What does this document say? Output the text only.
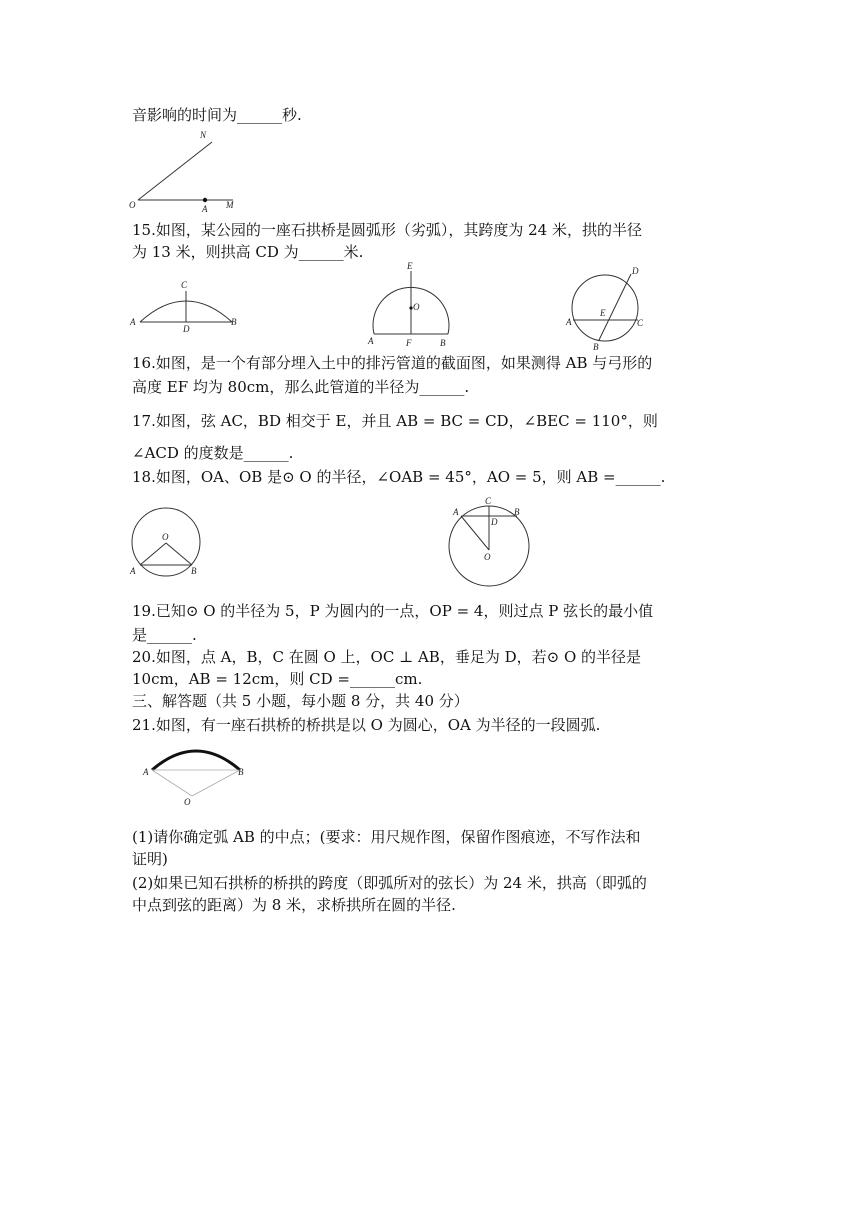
音影响的时间为______秒.
N
O	A M
15.如图，某公园的一座石拱桥是圆弧形（劣弧），其跨度为 24 米，拱的半径
为 13 米，则拱高 CD 为______米.
C
A
D
B
E
O
A	F	B
D
E
A	C
B
16.如图，是一个有部分埋入土中的排污管道的截面图，如果测得 AB 与弓形的
高度 EF 均为 80cm，那么此管道的半径为______.
17.如图，弦 AC，BD 相交于 E，并且 AB = BC = CD，∠BEC = 110°，则
∠ACD 的度数是______.
18.如图，OA、OB 是⊙ O 的半径，∠OAB = 45°，AO = 5，则 AB =______.
O
A	B
A
C
D
B
O
19.已知⊙ O 的半径为 5，P 为圆内的一点，OP = 4，则过点 P 弦长的最小值
是______.
20.如图，点 A，B，C 在圆 O 上，OC ⊥ AB，垂足为 D，若⊙ O 的半径是
10cm，AB = 12cm，则 CD =______cm.
三、解答题（共 5 小题，每小题 8 分，共 40 分）
21.如图，有一座石拱桥的桥拱是以 O 为圆心，OA 为半径的一段圆弧.
A	B
O
(1)请你确定弧 AB 的中点；(要求：用尺规作图，保留作图痕迹，不写作法和
证明)
(2)如果已知石拱桥的桥拱的跨度（即弧所对的弦长）为 24 米，拱高（即弧的
中点到弦的距离）为 8 米，求桥拱所在圆的半径.
